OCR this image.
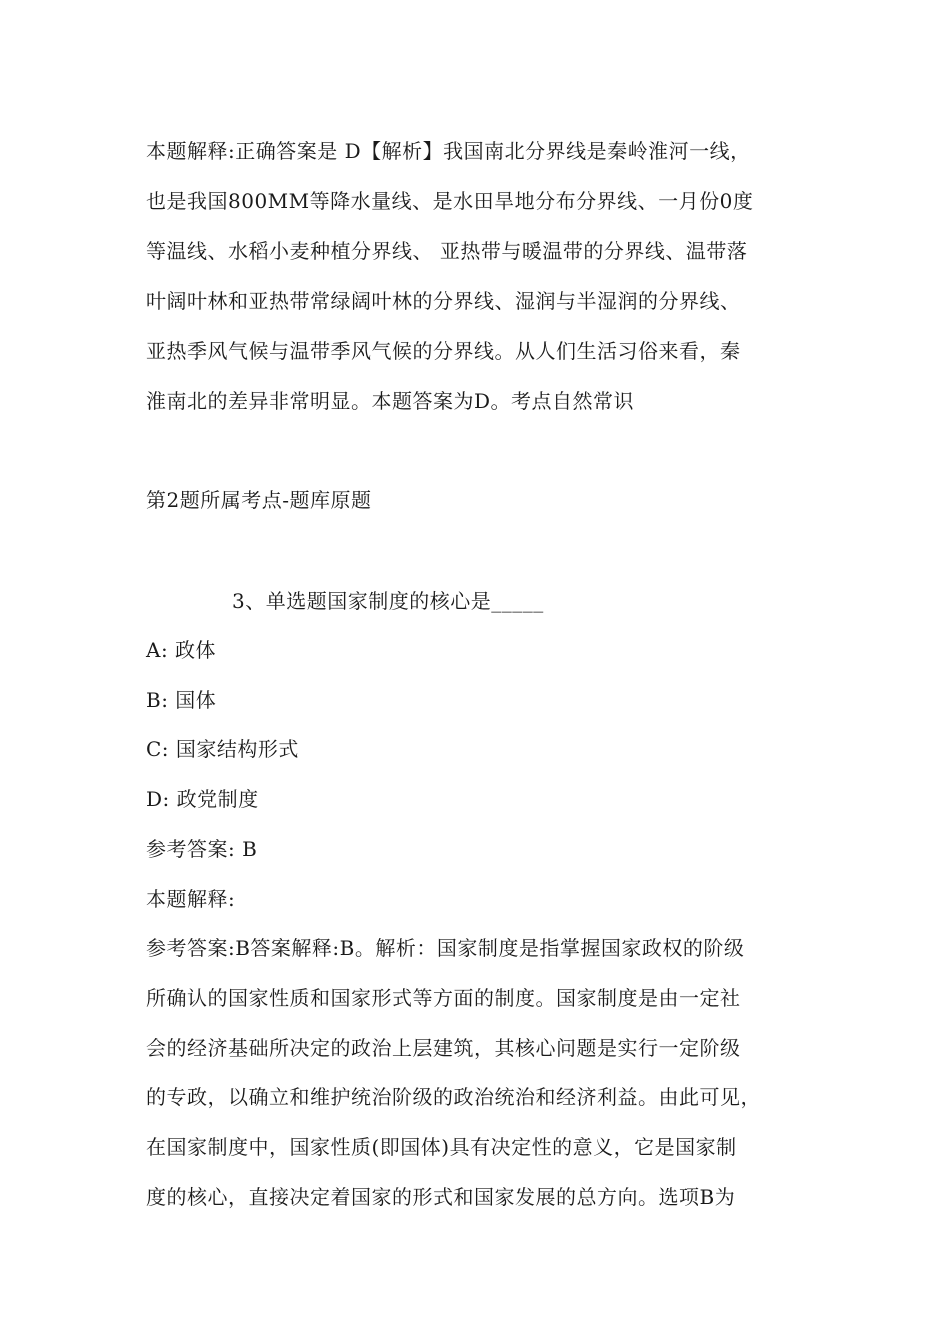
本题解释:正确答案是 D【解析】我国南北分界线是秦岭淮河一线，
也是我国800MM等降水量线、是水田旱地分布分界线、一月份0度
等温线、水稻小麦种植分界线、 亚热带与暖温带的分界线、温带落
叶阔叶林和亚热带常绿阔叶林的分界线、湿润与半湿润的分界线、
亚热季风气候与温带季风气候的分界线。从人们生活习俗来看，秦
淮南北的差异非常明显。本题答案为D。考点自然常识
第2题所属考点-题库原题
3、单选题国家制度的核心是_____
A: 政体
B: 国体
C: 国家结构形式
D: 政党制度
参考答案: B
本题解释:
参考答案:B答案解释:B。解析：国家制度是指掌握国家政权的阶级
所确认的国家性质和国家形式等方面的制度。国家制度是由一定社
会的经济基础所决定的政治上层建筑，其核心问题是实行一定阶级
的专政，以确立和维护统治阶级的政治统治和经济利益。由此可见，
在国家制度中，国家性质(即国体)具有决定性的意义，它是国家制
度的核心，直接决定着国家的形式和国家发展的总方向。选项B为
